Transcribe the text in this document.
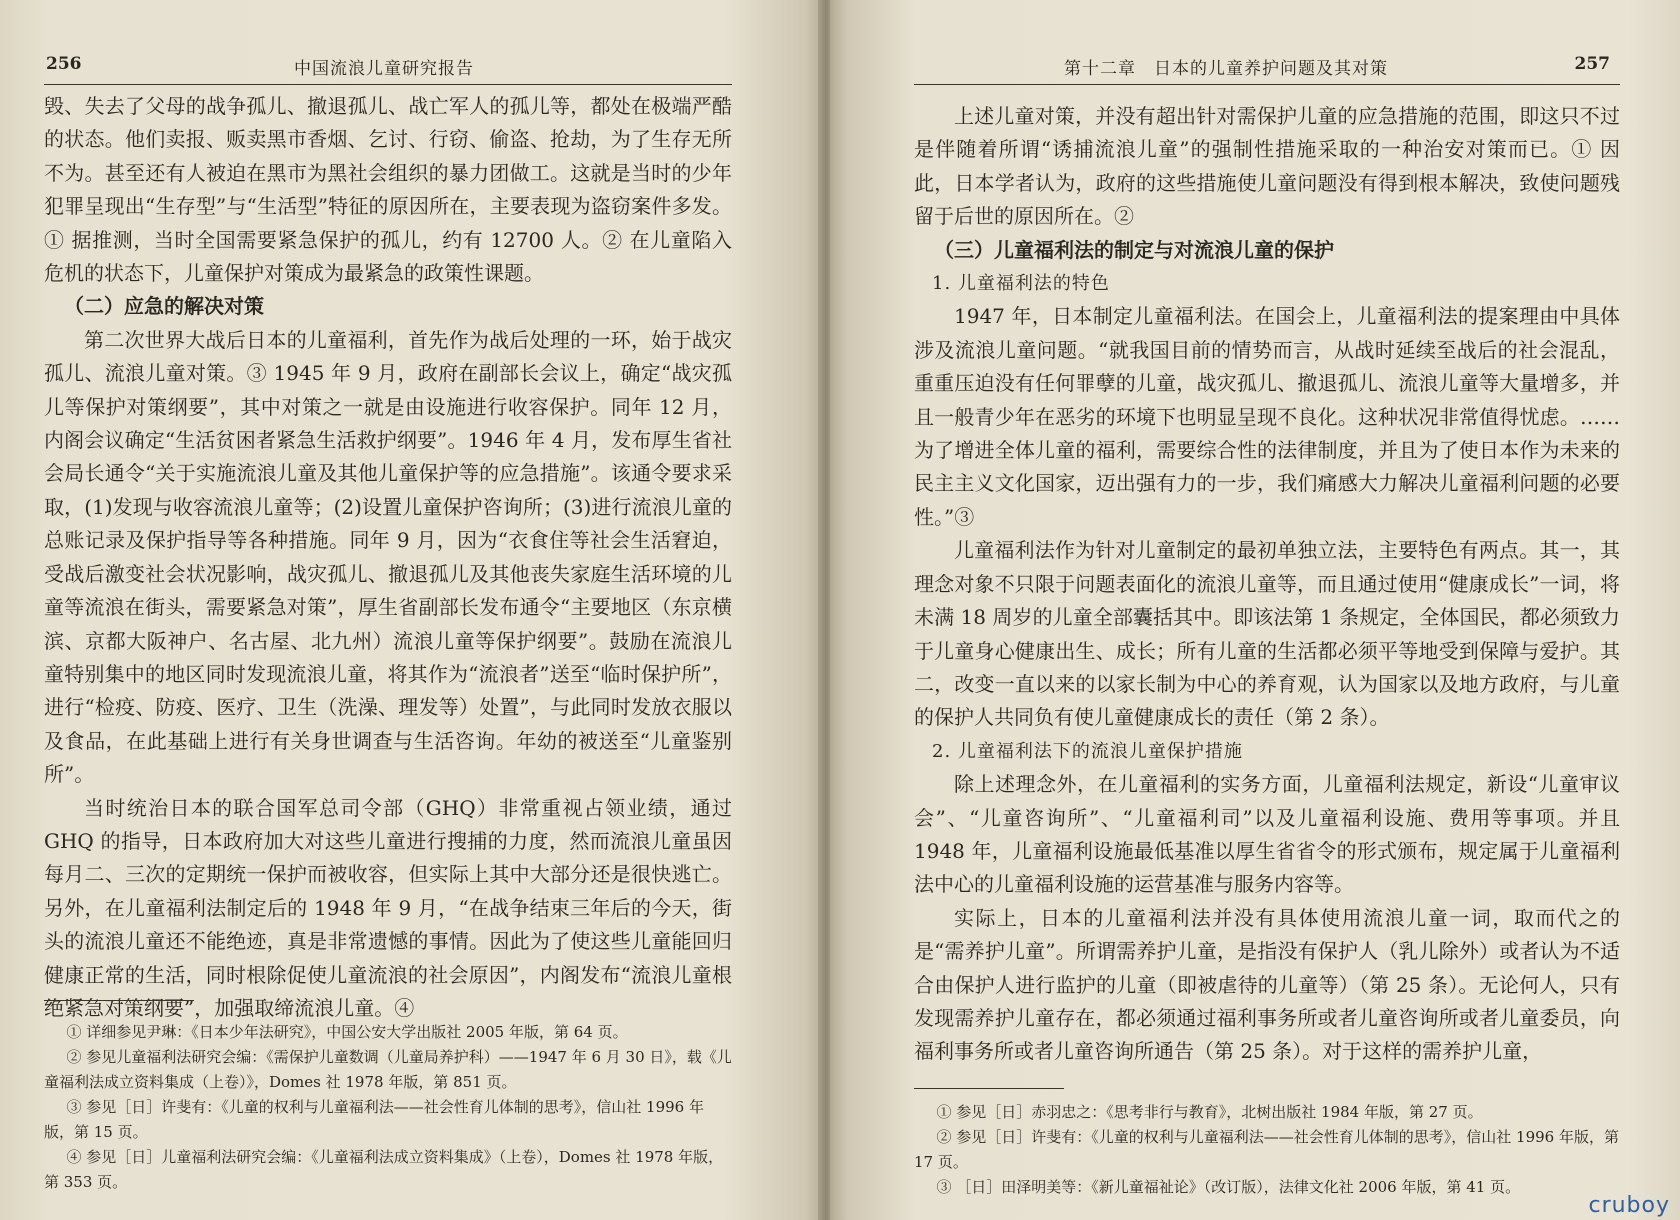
256	中国流浪儿童研究报告

毁、失去了父母的战争孤儿、撤退孤儿、战亡军人的孤儿等，都处在极端严酷的状态。他们卖报、贩卖黑市香烟、乞讨、行窃、偷盗、抢劫，为了生存无所不为。甚至还有人被迫在黑市为黑社会组织的暴力团做工。这就是当时的少年犯罪呈现出“生存型”与“生活型”特征的原因所在，主要表现为盗窃案件多发。① 据推测，当时全国需要紧急保护的孤儿，约有 12700 人。② 在儿童陷入危机的状态下，儿童保护对策成为最紧急的政策性课题。

（二）应急的解决对策

第二次世界大战后日本的儿童福利，首先作为战后处理的一环，始于战灾孤儿、流浪儿童对策。③ 1945 年 9 月，政府在副部长会议上，确定“战灾孤儿等保护对策纲要”，其中对策之一就是由设施进行收容保护。同年 12 月，内阁会议确定“生活贫困者紧急生活救护纲要”。1946 年 4 月，发布厚生省社会局长通令“关于实施流浪儿童及其他儿童保护等的应急措施”。该通令要求采取，(1)发现与收容流浪儿童等；(2)设置儿童保护咨询所；(3)进行流浪儿童的总账记录及保护指导等各种措施。同年 9 月，因为“衣食住等社会生活窘迫，受战后激变社会状况影响，战灾孤儿、撤退孤儿及其他丧失家庭生活环境的儿童等流浪在街头，需要紧急对策”，厚生省副部长发布通令“主要地区（东京横滨、京都大阪神户、名古屋、北九州）流浪儿童等保护纲要”。鼓励在流浪儿童特别集中的地区同时发现流浪儿童，将其作为“流浪者”送至“临时保护所”，进行“检疫、防疫、医疗、卫生（洗澡、理发等）处置”，与此同时发放衣服以及食品，在此基础上进行有关身世调查与生活咨询。年幼的被送至“儿童鉴别所”。

当时统治日本的联合国军总司令部（GHQ）非常重视占领业绩，通过 GHQ 的指导，日本政府加大对这些儿童进行搜捕的力度，然而流浪儿童虽因每月二、三次的定期统一保护而被收容，但实际上其中大部分还是很快逃亡。另外，在儿童福利法制定后的 1948 年 9 月，“在战争结束三年后的今天，街头的流浪儿童还不能绝迹，真是非常遗憾的事情。因此为了使这些儿童能回归健康正常的生活，同时根除促使儿童流浪的社会原因”，内阁发布“流浪儿童根绝紧急对策纲要”，加强取缔流浪儿童。④

① 详细参见尹琳：《日本少年法研究》，中国公安大学出版社 2005 年版，第 64 页。
② 参见儿童福利法研究会编：《需保护儿童数调（儿童局养护科）——1947 年 6 月 30 日》，载《儿童福利法成立资料集成（上卷）》，Domes 社 1978 年版，第 851 页。
③ 参见［日］许斐有：《儿童的权利与儿童福利法——社会性育儿体制的思考》，信山社 1996 年版，第 15 页。
④ 参见［日］儿童福利法研究会编：《儿童福利法成立资料集成》（上卷），Domes 社 1978 年版，第 353 页。
第十二章　日本的儿童养护问题及其对策	257

上述儿童对策，并没有超出针对需保护儿童的应急措施的范围，即这只不过是伴随着所谓“诱捕流浪儿童”的强制性措施采取的一种治安对策而已。① 因此，日本学者认为，政府的这些措施使儿童问题没有得到根本解决，致使问题残留于后世的原因所在。②

（三）儿童福利法的制定与对流浪儿童的保护
1. 儿童福利法的特色

1947 年，日本制定儿童福利法。在国会上，儿童福利法的提案理由中具体涉及流浪儿童问题。“就我国目前的情势而言，从战时延续至战后的社会混乱，重重压迫没有任何罪孽的儿童，战灾孤儿、撤退孤儿、流浪儿童等大量增多，并且一般青少年在恶劣的环境下也明显呈现不良化。这种状况非常值得忧虑。……为了增进全体儿童的福利，需要综合性的法律制度，并且为了使日本作为未来的民主主义文化国家，迈出强有力的一步，我们痛感大力解决儿童福利问题的必要性。”③

儿童福利法作为针对儿童制定的最初单独立法，主要特色有两点。其一，其理念对象不只限于问题表面化的流浪儿童等，而且通过使用“健康成长”一词，将未满 18 周岁的儿童全部囊括其中。即该法第 1 条规定，全体国民，都必须致力于儿童身心健康出生、成长；所有儿童的生活都必须平等地受到保障与爱护。其二，改变一直以来的以家长制为中心的养育观，认为国家以及地方政府，与儿童的保护人共同负有使儿童健康成长的责任（第 2 条）。

2. 儿童福利法下的流浪儿童保护措施

除上述理念外，在儿童福利的实务方面，儿童福利法规定，新设“儿童审议会”、“儿童咨询所”、“儿童福利司”以及儿童福利设施、费用等事项。并且 1948 年，儿童福利设施最低基准以厚生省省令的形式颁布，规定属于儿童福利法中心的儿童福利设施的运营基准与服务内容等。

实际上，日本的儿童福利法并没有具体使用流浪儿童一词，取而代之的是“需养护儿童”。所谓需养护儿童，是指没有保护人（乳儿除外）或者认为不适合由保护人进行监护的儿童（即被虐待的儿童等）（第 25 条）。无论何人，只有发现需养护儿童存在，都必须通过福利事务所或者儿童咨询所或者儿童委员，向福利事务所或者儿童咨询所通告（第 25 条）。对于这样的需养护儿童，

① 参见［日］赤羽忠之：《思考非行与教育》，北树出版社 1984 年版，第 27 页。
② 参见［日］许斐有：《儿童的权利与儿童福利法——社会性育儿体制的思考》，信山社 1996 年版，第 17 页。
③ ［日］田泽明美等：《新儿童福祉论》（改订版），法律文化社 2006 年版，第 41 页。
cruboy
